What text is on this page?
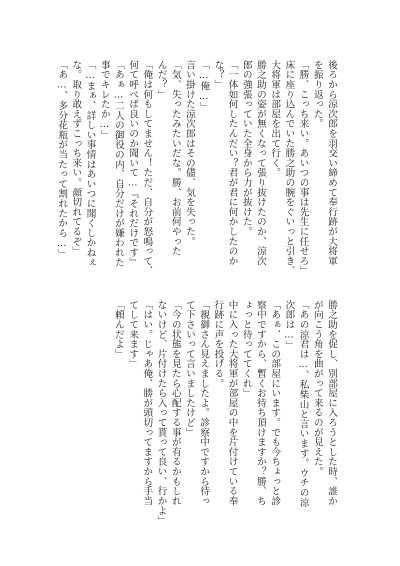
後ろから涼次郎を羽交い締めて奉行跡が大将軍
を振り返った。
「勝、こっち来い。あいつの事は先生に任せろ」
床に座り込んでいた勝之助の腕をぐいっと引き、
大将軍は部屋を出て行く。
勝之助の姿が無くなって張り抜けたのか、涼次
郎の強張っていた全身から力が抜けた。
「一体如何したんだい？君が君に何かしたのか
な？」
「…俺…」
言い掛けた涼次郎はその儘、気を失った。
「気、失ったみたいだな。勝、お前何やった
んだ？」
「俺は何もしてません！ただ、自分が怒鳴って、
何て呼べば良いのか聞いて…『それだけです』
「あぁ…二人の御役の内、自分だけが嫌われた
事でキレたか…」
「…まぁ、詳しい事情はあいつに聞くしかねぇ
な。取り敢えずこっち来い。顔切れてるぞ」
「あ…、多分花瓶が当たって割れたから…」
勝之助を促し、別部屋に入ろうとした時、誰か
が向こう角を曲がって来るのが見えた。
「あの涼君は…、私柴山と言います。ウチの涼
次郎は…」
「あぁ、この部屋にいます。でも今ちょっと診
察中ですから、暫くお待ち頂けますか？勝、ち
ょっと待っててくれ」
中に入った大将軍が部屋の中を片付けている奉
行跡に声を投げる。
「親御さん見えましたよ。診察中ですから待っ
て下さいって言いましたけど」
「今の状態を見たら心配する事が有るかもしれ
ないけど、片付けたら入って貰って良い、行かよ」
「はい。じゃあ俺、勝が頭切ってますから手当
てして来ます」
「頼んだよ」
